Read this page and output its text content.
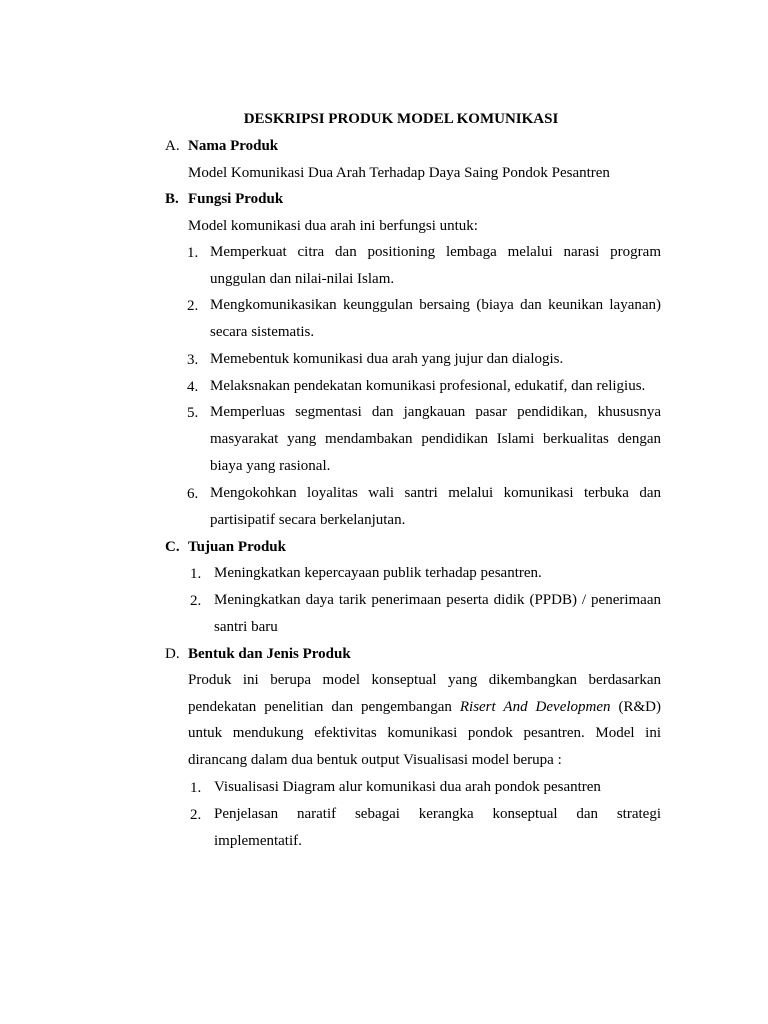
DESKRIPSI PRODUK MODEL KOMUNIKASI
A. Nama Produk
Model Komunikasi Dua Arah Terhadap Daya Saing Pondok Pesantren
B. Fungsi Produk
Model komunikasi dua arah ini berfungsi untuk:
1. Memperkuat citra dan positioning lembaga melalui narasi program unggulan dan nilai-nilai Islam.
2. Mengkomunikasikan keunggulan bersaing (biaya dan keunikan layanan) secara sistematis.
3. Memebentuk komunikasi dua arah yang jujur dan dialogis.
4. Melaksnakan pendekatan komunikasi profesional, edukatif, dan religius.
5. Memperluas segmentasi dan jangkauan pasar pendidikan, khususnya masyarakat yang mendambakan pendidikan Islami berkualitas dengan biaya yang rasional.
6. Mengokohkan loyalitas wali santri melalui komunikasi terbuka dan partisipatif secara berkelanjutan.
C. Tujuan Produk
1. Meningkatkan kepercayaan publik terhadap pesantren.
2. Meningkatkan daya tarik penerimaan peserta didik (PPDB) / penerimaan santri baru
D. Bentuk dan Jenis Produk
Produk ini berupa model konseptual yang dikembangkan berdasarkan pendekatan penelitian dan pengembangan Risert And Developmen (R&D) untuk mendukung efektivitas komunikasi pondok pesantren. Model ini dirancang dalam dua bentuk output Visualisasi model berupa :
1. Visualisasi Diagram alur komunikasi dua arah pondok pesantren
2. Penjelasan naratif sebagai kerangka konseptual dan strategi implementatif.
